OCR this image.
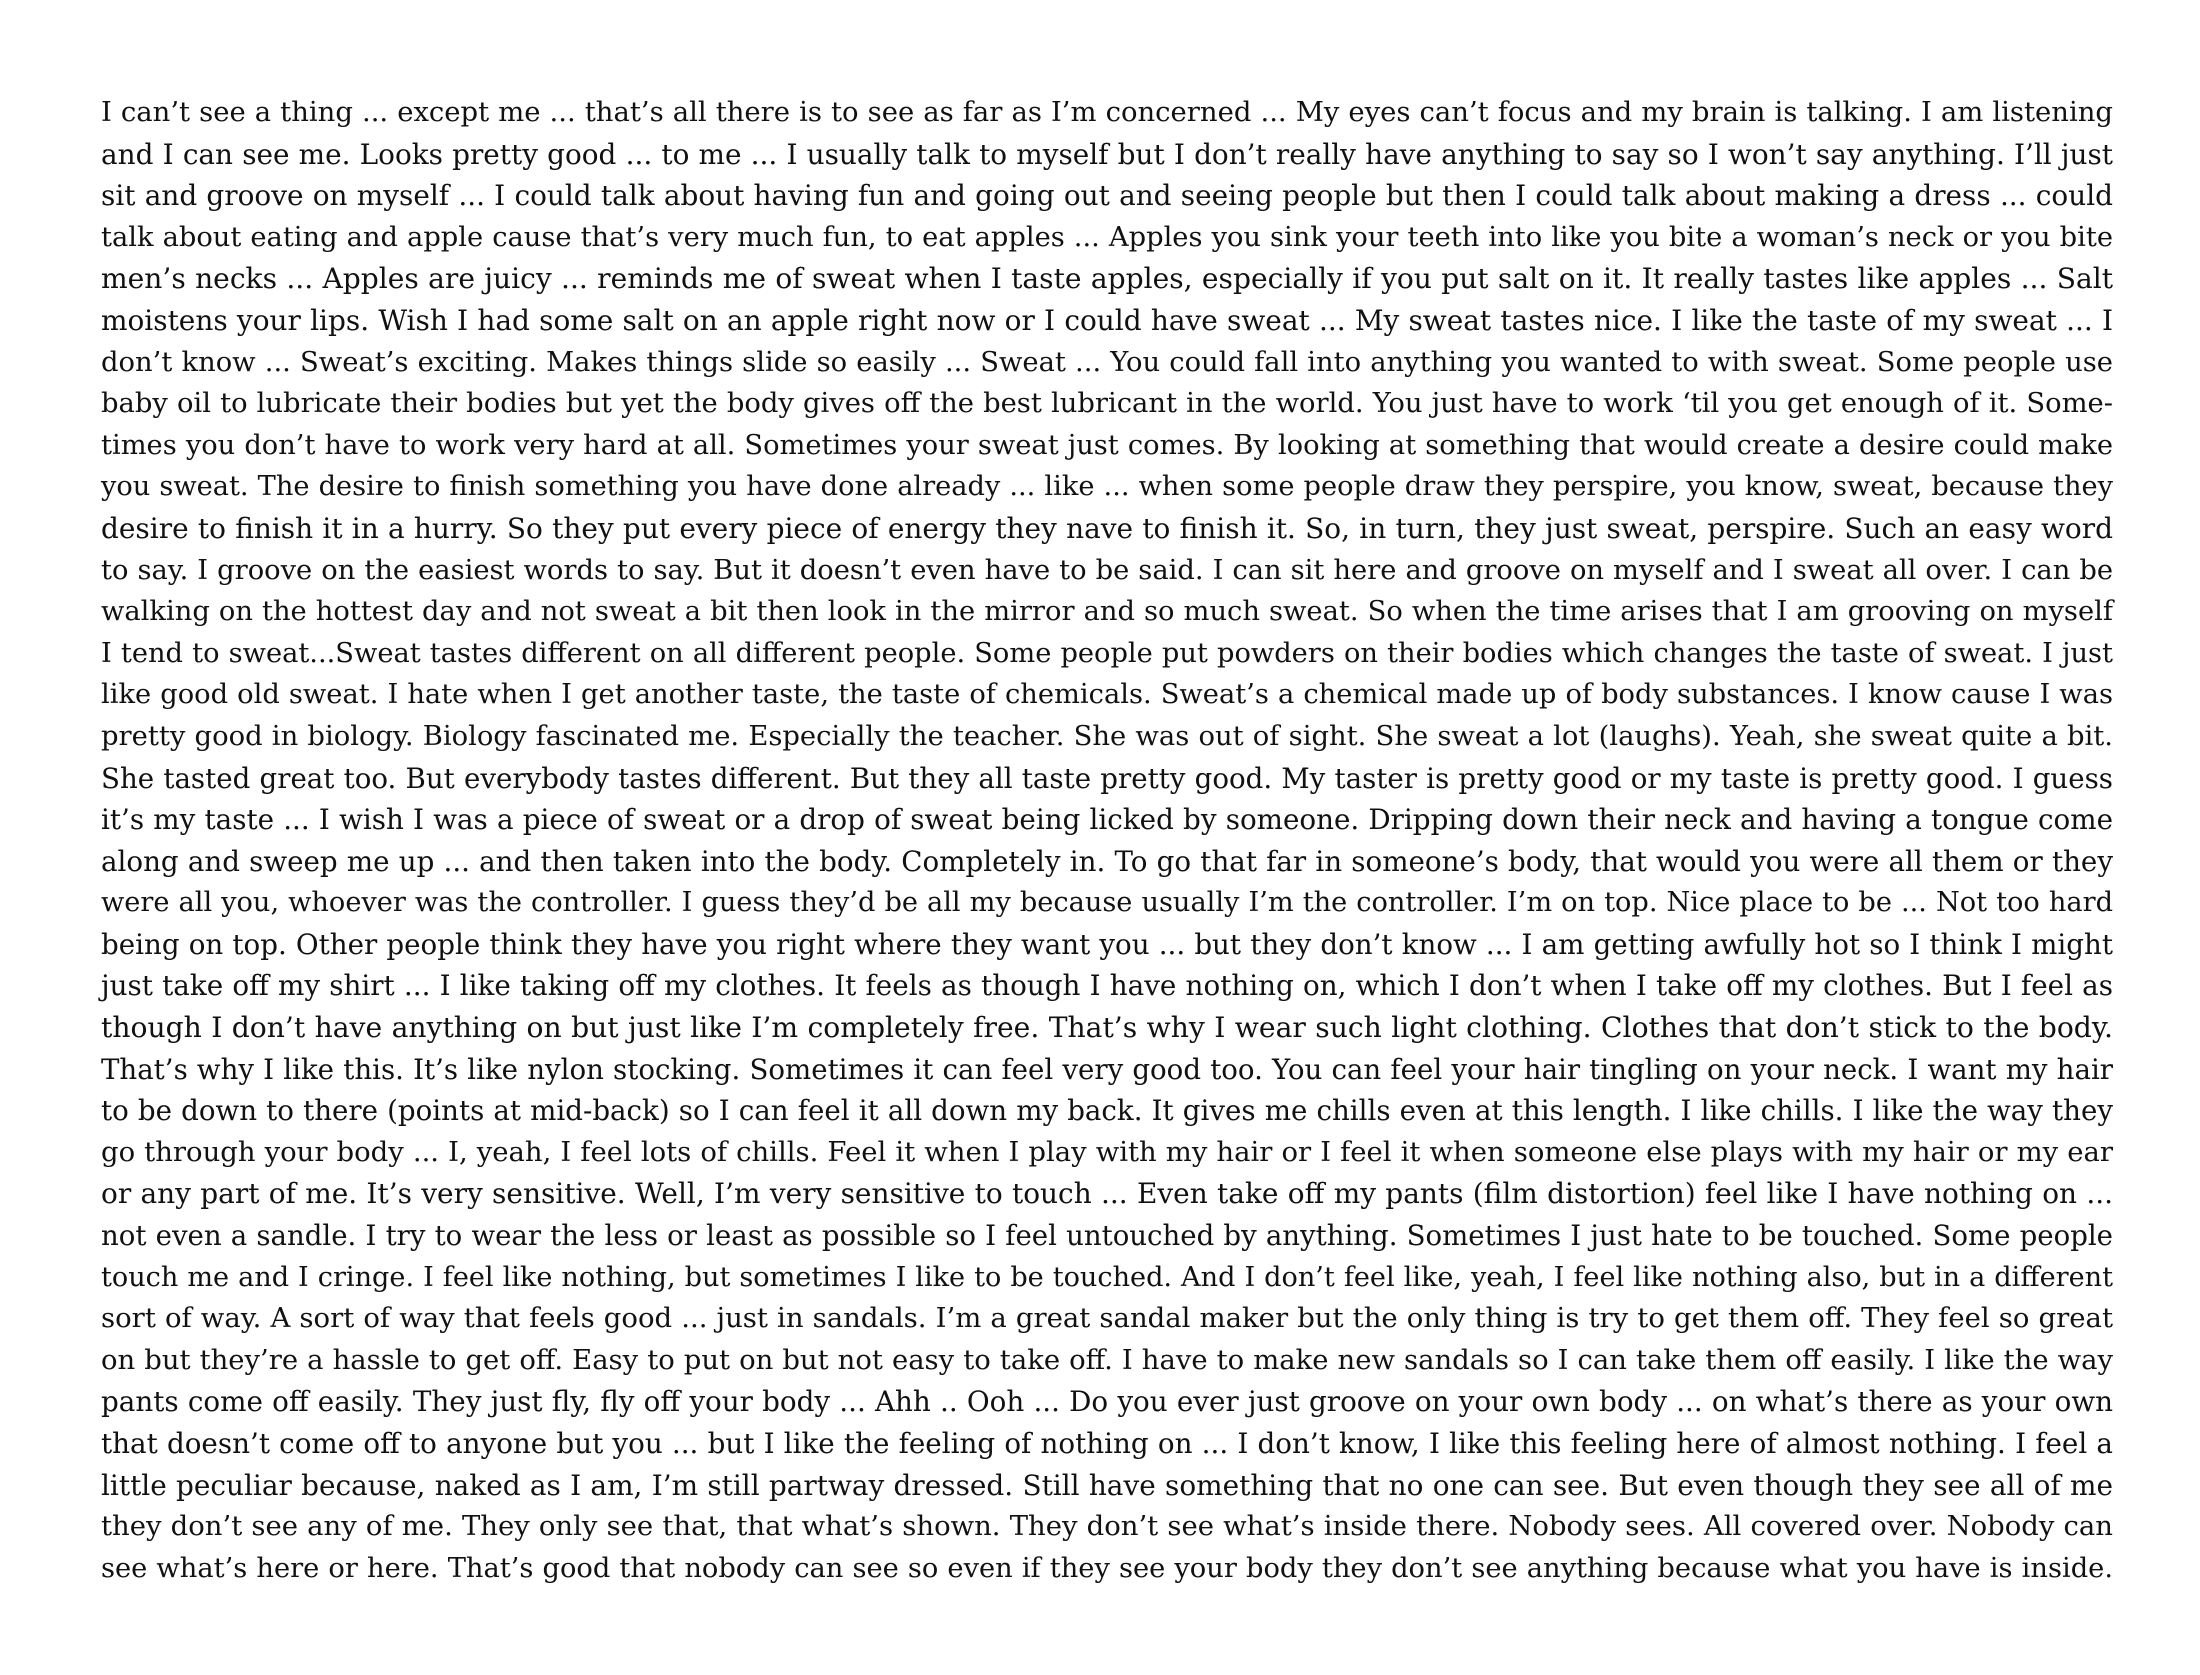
I can’t see a thing ... except me ... that’s all there is to see as far as I’m concerned ... My eyes can’t focus and my brain is talking. I am listening
and I can see me. Looks pretty good ... to me ... I usually talk to myself but I don’t really have anything to say so I won’t say anything. I’ll just
sit and groove on myself ... I could talk about having fun and going out and seeing people but then I could talk about making a dress ... could
talk about eating and apple cause that’s very much fun, to eat apples ... Apples you sink your teeth into like you bite a woman’s neck or you bite
men’s necks ... Apples are juicy ... reminds me of sweat when I taste apples, especially if you put salt on it. It really tastes like apples ... Salt
moistens your lips. Wish I had some salt on an apple right now or I could have sweat ... My sweat tastes nice. I like the taste of my sweat ... I
don’t know ... Sweat’s exciting. Makes things slide so easily ... Sweat ... You could fall into anything you wanted to with sweat. Some people use
baby oil to lubricate their bodies but yet the body gives off the best lubricant in the world. You just have to work ‘til you get enough of it. Some-
times you don’t have to work very hard at all. Sometimes your sweat just comes. By looking at something that would create a desire could make
you sweat. The desire to finish something you have done already ... like ... when some people draw they perspire, you know, sweat, because they
desire to finish it in a hurry. So they put every piece of energy they nave to finish it. So, in turn, they just sweat, perspire. Such an easy word
to say. I groove on the easiest words to say. But it doesn’t even have to be said. I can sit here and groove on myself and I sweat all over. I can be
walking on the hottest day and not sweat a bit then look in the mirror and so much sweat. So when the time arises that I am grooving on myself
I tend to sweat...Sweat tastes different on all different people. Some people put powders on their bodies which changes the taste of sweat. I just
like good old sweat. I hate when I get another taste, the taste of chemicals. Sweat’s a chemical made up of body substances. I know cause I was
pretty good in biology. Biology fascinated me. Especially the teacher. She was out of sight. She sweat a lot (laughs). Yeah, she sweat quite a bit.
She tasted great too. But everybody tastes different. But they all taste pretty good. My taster is pretty good or my taste is pretty good. I guess
it’s my taste ... I wish I was a piece of sweat or a drop of sweat being licked by someone. Dripping down their neck and having a tongue come
along and sweep me up ... and then taken into the body. Completely in. To go that far in someone’s body, that would you were all them or they
were all you, whoever was the controller. I guess they’d be all my because usually I’m the controller. I’m on top. Nice place to be ... Not too hard
being on top. Other people think they have you right where they want you ... but they don’t know ... I am getting awfully hot so I think I might
just take off my shirt ... I like taking off my clothes. It feels as though I have nothing on, which I don’t when I take off my clothes. But I feel as
though I don’t have anything on but just like I’m completely free. That’s why I wear such light clothing. Clothes that don’t stick to the body.
That’s why I like this. It’s like nylon stocking. Sometimes it can feel very good too. You can feel your hair tingling on your neck. I want my hair
to be down to there (points at mid-back) so I can feel it all down my back. It gives me chills even at this length. I like chills. I like the way they
go through your body ... I, yeah, I feel lots of chills. Feel it when I play with my hair or I feel it when someone else plays with my hair or my ear
or any part of me. It’s very sensitive. Well, I’m very sensitive to touch ... Even take off my pants (film distortion) feel like I have nothing on ...
not even a sandle. I try to wear the less or least as possible so I feel untouched by anything. Sometimes I just hate to be touched. Some people
touch me and I cringe. I feel like nothing, but sometimes I like to be touched. And I don’t feel like, yeah, I feel like nothing also, but in a different
sort of way. A sort of way that feels good ... just in sandals. I’m a great sandal maker but the only thing is try to get them off. They feel so great
on but they’re a hassle to get off. Easy to put on but not easy to take off. I have to make new sandals so I can take them off easily. I like the way
pants come off easily. They just fly, fly off your body ... Ahh .. Ooh ... Do you ever just groove on your own body ... on what’s there as your own
that doesn’t come off to anyone but you ... but I like the feeling of nothing on ... I don’t know, I like this feeling here of almost nothing. I feel a
little peculiar because, naked as I am, I’m still partway dressed. Still have something that no one can see. But even though they see all of me
they don’t see any of me. They only see that, that what’s shown. They don’t see what’s inside there. Nobody sees. All covered over. Nobody can
see what’s here or here. That’s good that nobody can see so even if they see your body they don’t see anything because what you have is inside.
